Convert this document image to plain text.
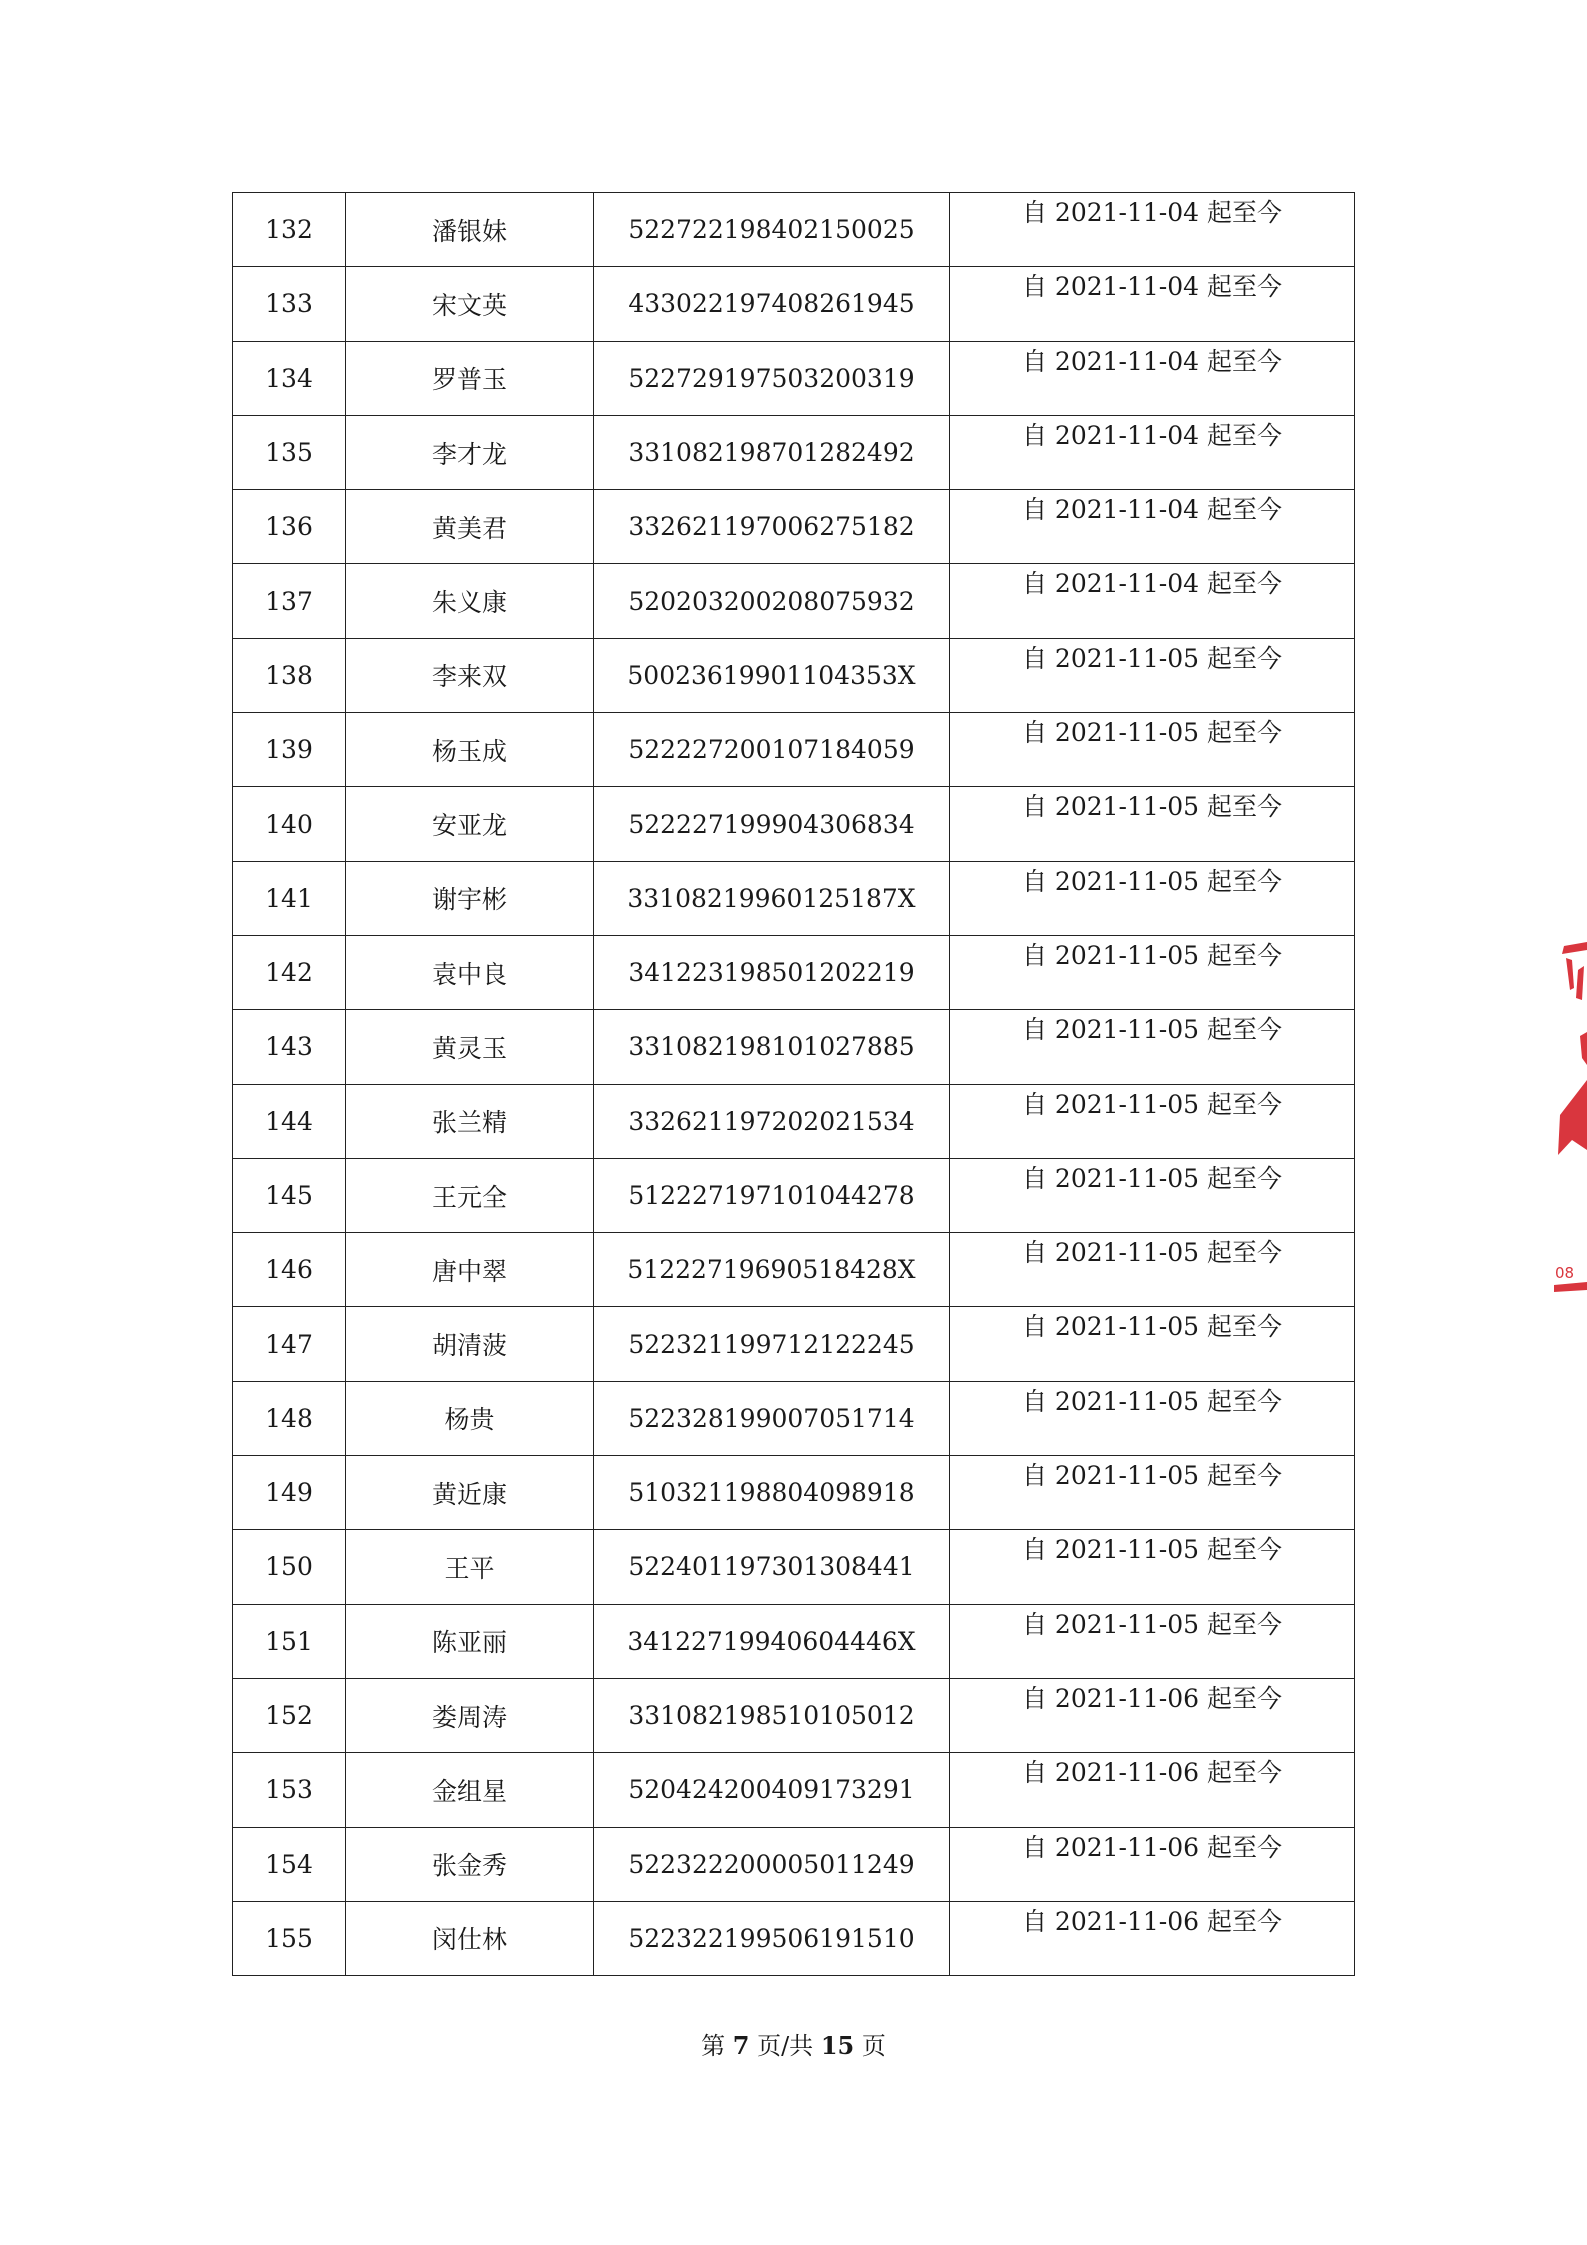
132	潘银妹	522722198402150025	自 2021-11-04 起至今
133	宋文英	433022197408261945	自 2021-11-04 起至今
134	罗普玉	522729197503200319	自 2021-11-04 起至今
135	李才龙	331082198701282492	自 2021-11-04 起至今
136	黄美君	332621197006275182	自 2021-11-04 起至今
137	朱义康	520203200208075932	自 2021-11-04 起至今
138	李来双	50023619901104353X	自 2021-11-05 起至今
139	杨玉成	522227200107184059	自 2021-11-05 起至今
140	安亚龙	522227199904306834	自 2021-11-05 起至今
141	谢宇彬	33108219960125187X	自 2021-11-05 起至今
142	袁中良	341223198501202219	自 2021-11-05 起至今
143	黄灵玉	331082198101027885	自 2021-11-05 起至今
144	张兰精	332621197202021534	自 2021-11-05 起至今
145	王元全	512227197101044278	自 2021-11-05 起至今
146	唐中翠	51222719690518428X	自 2021-11-05 起至今
147	胡清菠	522321199712122245	自 2021-11-05 起至今
148	杨贵	522328199007051714	自 2021-11-05 起至今
149	黄近康	510321198804098918	自 2021-11-05 起至今
150	王平	522401197301308441	自 2021-11-05 起至今
151	陈亚丽	34122719940604446X	自 2021-11-05 起至今
152	娄周涛	331082198510105012	自 2021-11-06 起至今
153	金组星	520424200409173291	自 2021-11-06 起至今
154	张金秀	522322200005011249	自 2021-11-06 起至今
155	闵仕林	522322199506191510	自 2021-11-06 起至今
第 7 页/共 15 页
08
